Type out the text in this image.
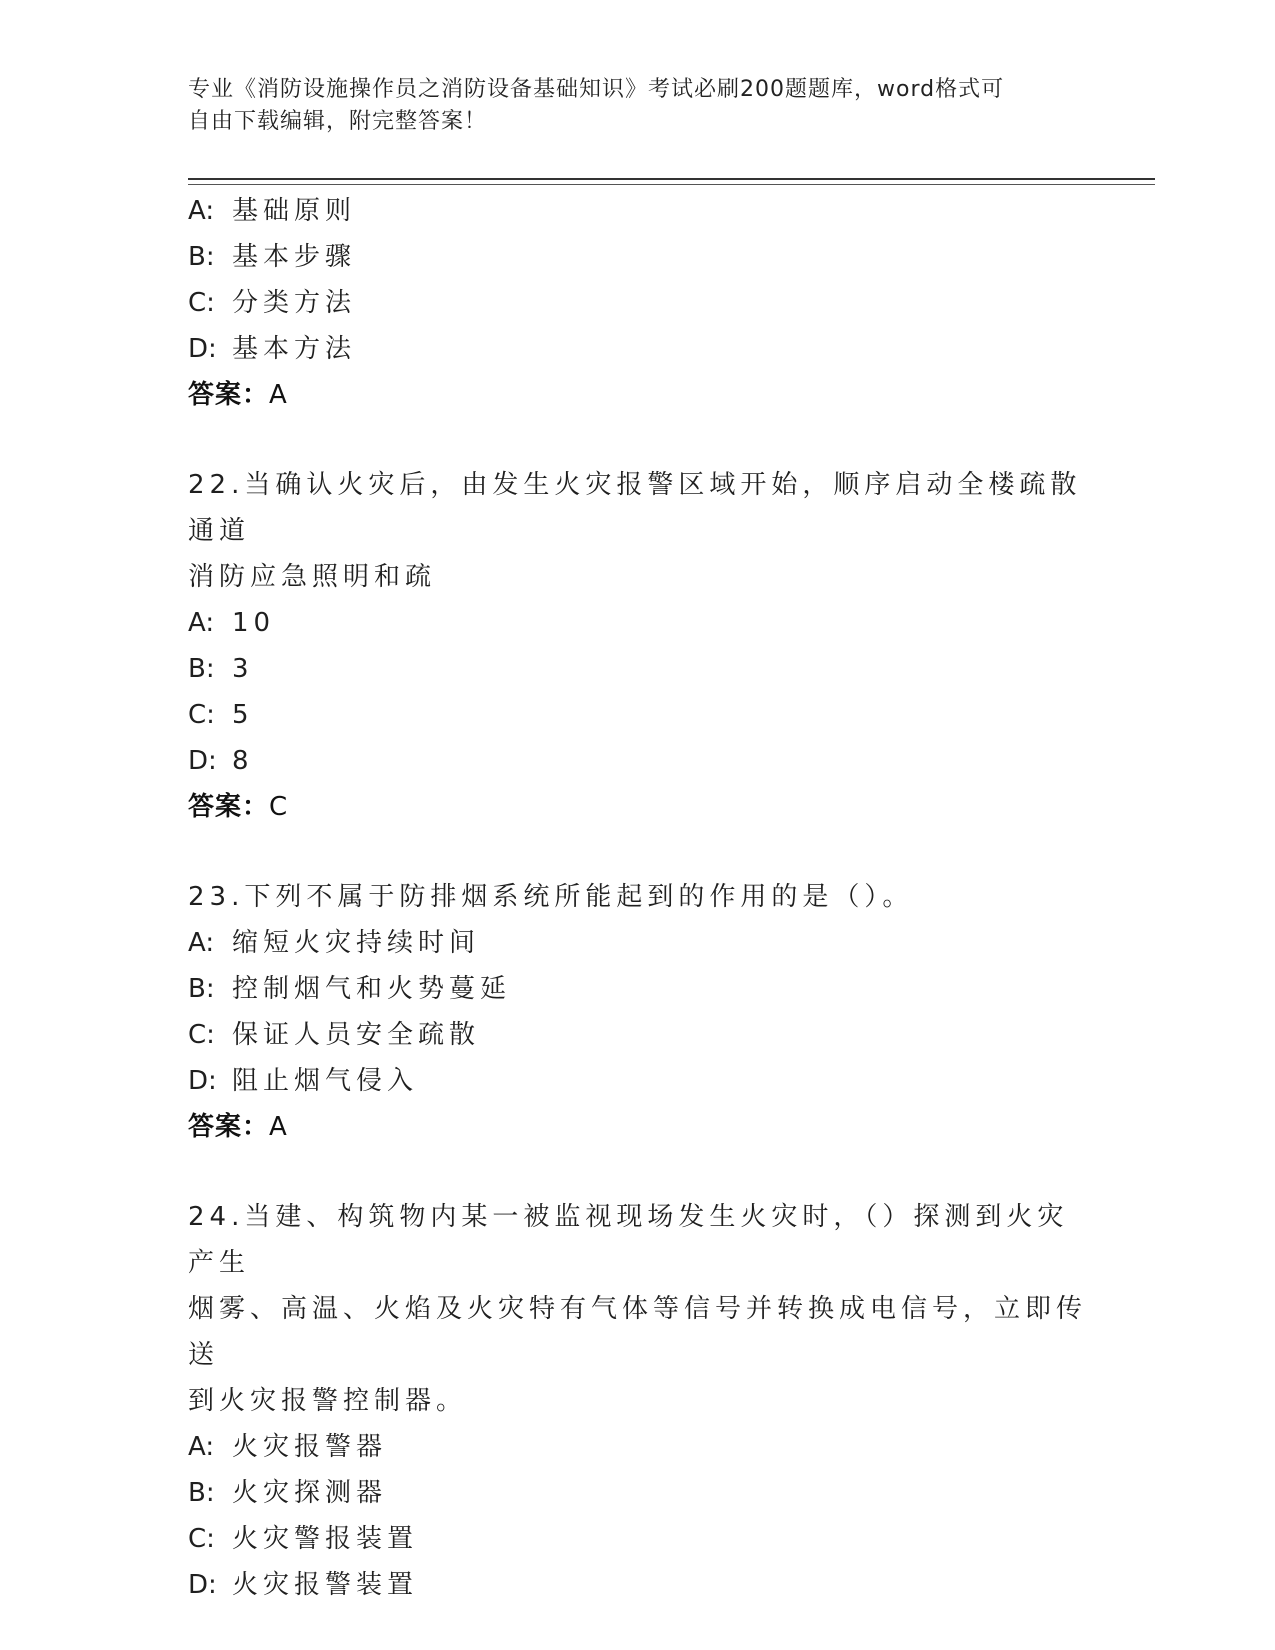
专业《消防设施操作员之消防设备基础知识》考试必刷200题题库，word格式可
自由下载编辑，附完整答案！
A: 基础原则
B: 基本步骤
C: 分类方法
D: 基本方法
答案：A
22.当确认火灾后，由发生火灾报警区域开始，顺序启动全楼疏散通道
消防应急照明和疏
A: 10
B: 3
C: 5
D: 8
答案：C
23.下列不属于防排烟系统所能起到的作用的是（）。
A: 缩短火灾持续时间
B: 控制烟气和火势蔓延
C: 保证人员安全疏散
D: 阻止烟气侵入
答案：A
24.当建、构筑物内某一被监视现场发生火灾时，（）探测到火灾产生
烟雾、高温、火焰及火灾特有气体等信号并转换成电信号，立即传送
到火灾报警控制器。
A: 火灾报警器
B: 火灾探测器
C: 火灾警报装置
D: 火灾报警装置
